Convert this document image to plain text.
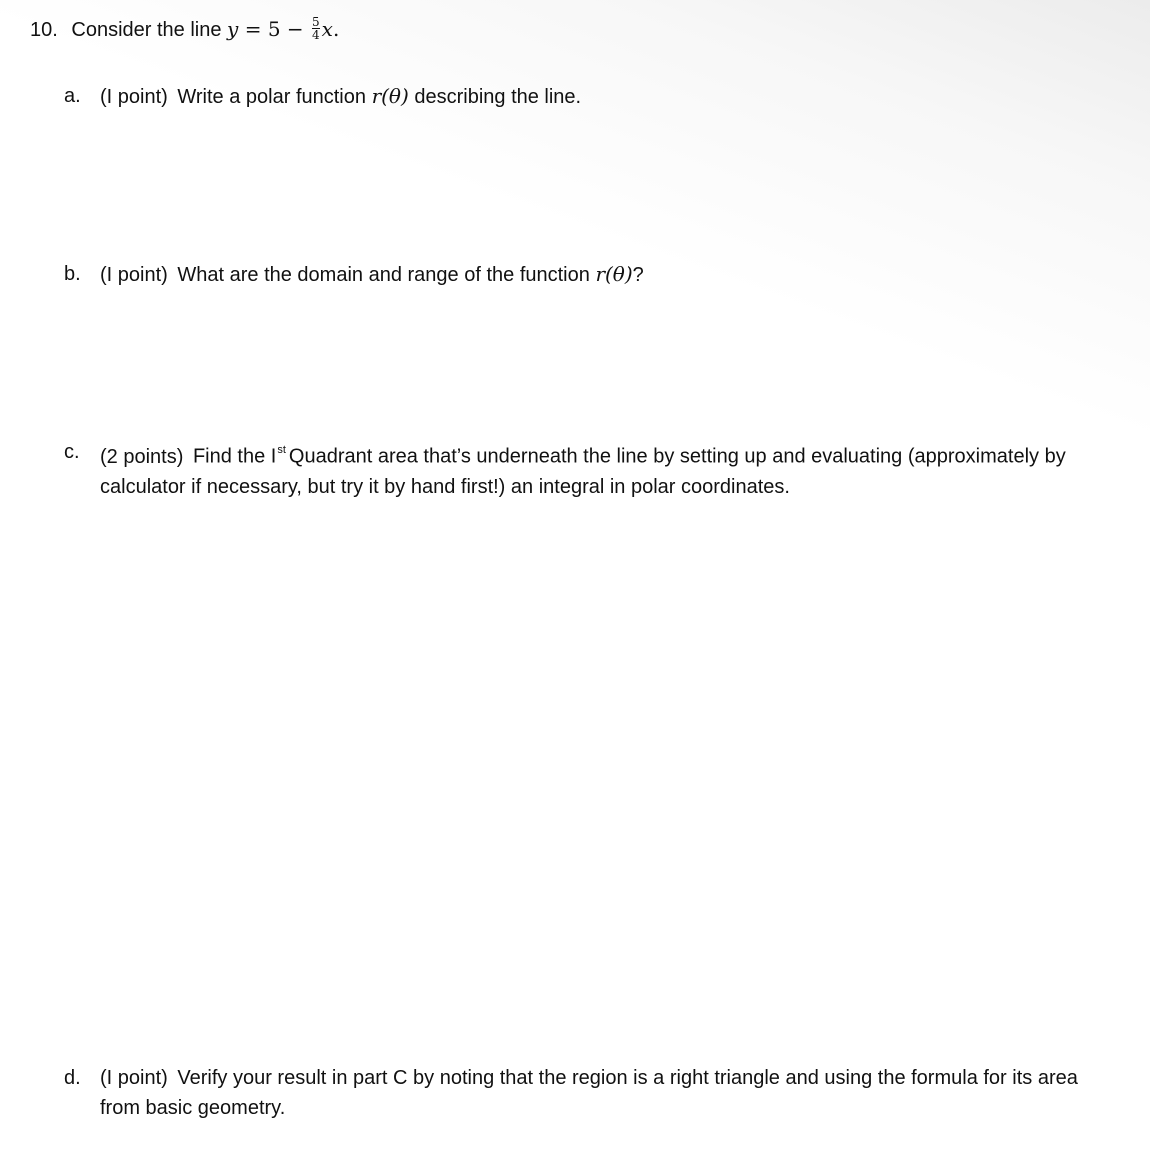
10. Consider the line $y = 5 - \frac{5}{4} x$.
a. (I point) Write a polar function r(θ) describing the line.
b. (I point) What are the domain and range of the function r(θ)?
c.	(2 points) Find the Ist Quadrant area that’s underneath the line by setting up and evaluating (approximately by calculator if necessary, but try it by hand first!) an integral in polar coordinates.
d. (I point) Verify your result in part C by noting that the region is a right triangle and using the formula for its area from basic geometry.
